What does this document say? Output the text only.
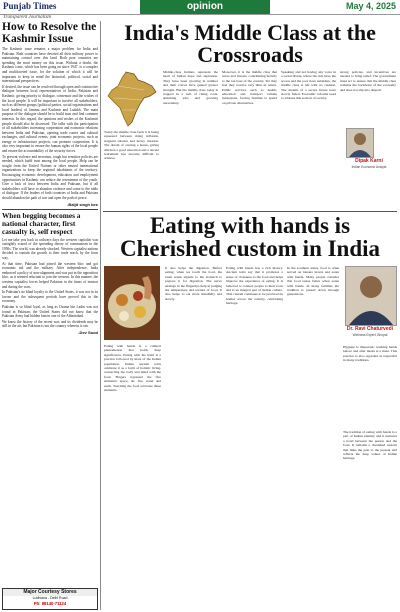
Punjab Times	opinion	May 4, 2025
Transparent Journalism
How to Resolve the Kashmir Issue

The Kashmir issue remains a major problem for India and Pakistan. Both countries have devoted all their military power to maintaining control over this land. Both poor countries are spending the most money on this issue. Without a doubt, the Kashmir issue, which has been going on since 1947, is a complex and multifaceted issue, for the solution of which it will be important to keep in mind the historical, political, social and international perspectives.

If desired, the issue can be resolved through open and constructive dialogue between local representatives of India, Pakistan and Kashmir, giving priority to dialogue, consensus and the wishes of the local people. It will be important to involve all stakeholders, such as different groups (political parties, social organizations and local leaders) of Jammu and Kashmir and Ladakh. The main purpose of the dialogue should be to build trust and find common interests. In this regard, the opinions and wishes of the Kashmiri people should also be discussed. The talks with the participation of all stakeholders increasing cooperation and economic relations between India and Pakistan, opening trade routes and cultural exchanges, and cultural events, joint economic projects, such as energy or infrastructure projects, can promote cooperation. It is also very important to ensure the human rights of the local people and ensure the accountability of the security forces.

To prevent violence and terrorism, tough but sensitive policies are needed, which build trust among the local people. Help can be sought from the United Nations or other neutral international organizations to keep the regional inhabitants of the territory. Encouraging economic development, education and employment opportunities in Kashmir can reduce the resentment of the youth. Give a lack of trust between India and Pakistan, but if all stakeholders will have to abandon violence and come to the table of dialogue. If the leaders of both countries of India and Pakistan should abandon the path of war and open the path of peace.

-Baljit singh bee
When begging becomes a national character, first casualty is, self respect

Let me take you back to railways days the western capitalist was outrightly scared of the spreading theory of communism in the 1950s. The world, was already shocked. Western capitalist nations decided to contain the growth to their trade reach, by the front way.

At that time, Pakistan had joined the western bloc and got economic aid and the military. After independence, India embraced a policy of non-alignment and was put in the opposition bloc, as it seemed reluctant to join the western. In this manner, the western capitalist forces helped Pakistan in the times of tension and during the wars.

In Pakistan's no blind loyalty to the United States, it was not in its favour and the subsequent periods have proved this in the economy.

Pakistan is so blind loyal, as long as Osama bin Ladin was not found in Pakistan, the United States did not know that the Pakistan Army had hidden him in one of the Abbottabad.

We know the history of the recent war, and its dividends may be still in the air, but Pakistan is not the country wherein it can.

-Dev Sood
Major Courtesy Stores
Ludhiana - Delhi Road
Ph: 98140-71124
India's Middle Class at the Crossroads

Today the middle class feels it is being squeezed between rising inflation, stagnant salaries and heavy taxation. The dream of owning a house, giving children a good education and a decent retirement has become difficult to achieve.

Middle-class Indians represent the heart of Indian hope and aspiration. They have been growing in number and their voices have gained greater strength. But the middle class today is trapped in a web of rising costs, shrinking jobs and growing uncertainty.

Moreover, it is the middle class that saves and invests, contributing heavily to the tax base of the country. Yet they feel they receive very little in return. Public services such as health, education and transport remain inadequate, forcing families to spend on private alternatives.

Speaking and not having any voice in a social divide, where the rich have the access and the poor have subsidies, the middle class is left with no cushion. The dreams of a secure future have slowly faded. Economic reforms need to address this section of society.

strong policies, and incentives are needed to bring relief. The government must act to ensure that the middle class remains the backbone of the economy and does not slip into despair.

Dipak Karni
Indian Economic Analyst
Eating with hands is
Cherished custom in India

Eating with hands is a cultural phenomenon that holds deep significance. Eating with the hand is a practice followed by most of the Indian population. Indian ancient texts celebrate it as a form of holistic living, connecting the body and mind with the food. Fingers represent the five elements: space, air, fire, water and earth. Touching the food activates these elements.

It also helps the digestion. Before eating, when we touch the food, the brain sends signals to the stomach to prepare it for digestion. The nerve endings in the fingertips help in judging the temperature and texture of food. It also helps to eat more mindfully and slowly.

Eating with hands has a rich history. Ancient texts say that it promotes a sense of closeness to the food and helps improve the experience of eating. It is believed to connect people to their roots and is an integral part of Indian culture. This custom continues to be practiced in homes across the country, celebrating heritage.

In the southern states, food is often served on banana leaves and eaten with hands. Many people consider that food tastes better when eaten with hands. In many families the tradition is passed down through generations.

Dr. Ravi Chaturvedi
Wellness Expert, Bhopal

Hygiene is important; washing hands before and after meals is a must. This practice is also regarded as respectful in many traditions.

The tradition of eating with hands is a part of Indian identity and it nurtures a bond between the person and the food. It remains a cherished custom that links the past to the present and reflects the deep values of Indian heritage.
